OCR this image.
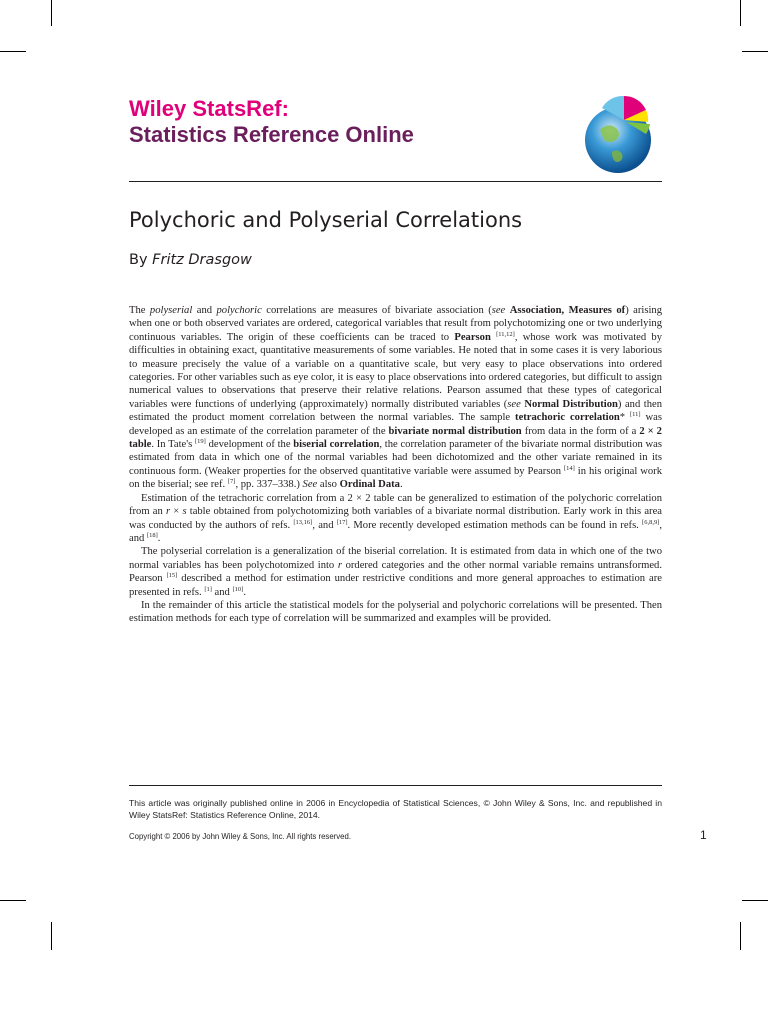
Wiley StatsRef:
Statistics Reference Online
Polychoric and Polyserial Correlations
By Fritz Drasgow

The polyserial and polychoric correlations are measures of bivariate association (see Association, Measures of) arising when one or both observed variates are ordered, categorical variables that result from polychotomizing one or two underlying continuous variables. The origin of these coefficients can be traced to Pearson [11,12], whose work was motivated by difficulties in obtaining exact, quantitative measurements of some variables. He noted that in some cases it is very laborious to measure precisely the value of a variable on a quantitative scale, but very easy to place observations into ordered categories. For other variables such as eye color, it is easy to place observations into ordered categories, but difficult to assign numerical values to observations that preserve their relative relations. Pearson assumed that these types of categorical variables were functions of underlying (approximately) normally distributed variables (see Normal Distribution) and then estimated the product moment correlation between the normal variables. The sample tetrachoric correlation* [11] was developed as an estimate of the correlation parameter of the bivariate normal distribution from data in the form of a 2 × 2 table. In Tate's [19] development of the biserial correlation, the correlation parameter of the bivariate normal distribution was estimated from data in which one of the normal variables had been dichotomized and the other variate remained in its continuous form. (Weaker properties for the observed quantitative variable were assumed by Pearson [14] in his original work on the biserial; see ref. [7], pp. 337–338.) See also Ordinal Data.

Estimation of the tetrachoric correlation from a 2 × 2 table can be generalized to estimation of the polychoric correlation from an r × s table obtained from polychotomizing both variables of a bivariate normal distribution. Early work in this area was conducted by the authors of refs. [13,16], and [17]. More recently developed estimation methods can be found in refs. [6,8,9], and [18].

The polyserial correlation is a generalization of the biserial correlation. It is estimated from data in which one of the two normal variables has been polychotomized into r ordered categories and the other normal variable remains untransformed. Pearson [15] described a method for estimation under restrictive conditions and more general approaches to estimation are presented in refs. [1] and [10].

In the remainder of this article the statistical models for the polyserial and polychoric correlations will be presented. Then estimation methods for each type of correlation will be summarized and examples will be provided.

This article was originally published online in 2006 in Encyclopedia of Statistical Sciences, © John Wiley & Sons, Inc. and republished in Wiley StatsRef: Statistics Reference Online, 2014.
Copyright © 2006 by John Wiley & Sons, Inc. All rights reserved.	1
